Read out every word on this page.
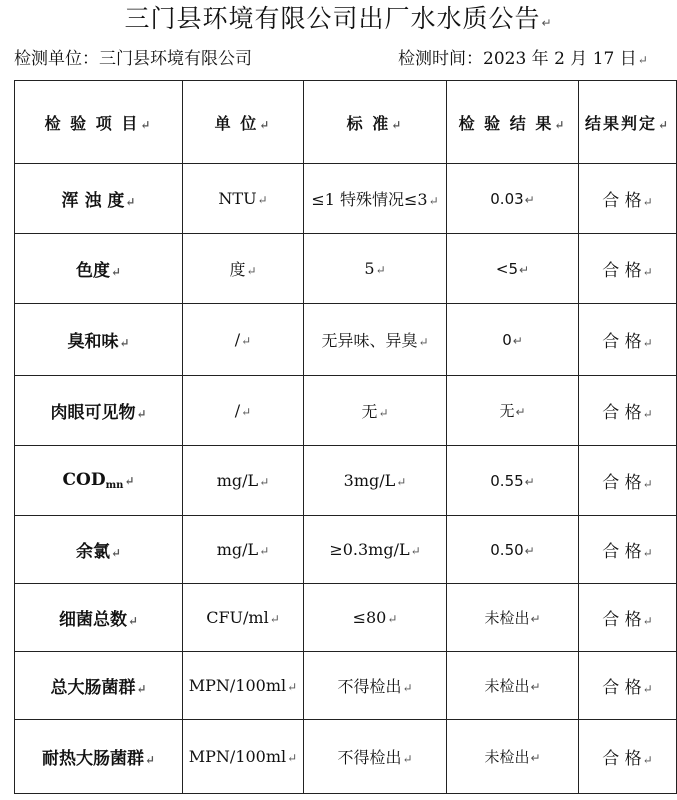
三门县环境有限公司出厂水水质公告↵
检测单位：三门县环境有限公司	检测时间：2023 年 2 月 17 日↵
检 验 项 目↵	单 位↵	标 准↵	检 验 结 果↵	结果判定↵
浑 浊 度↵	NTU↵	≤1 特殊情况≤3↵	0.03↵	合 格↵
色度↵	度↵	5↵	<5↵	合 格↵
臭和味↵	/↵	无异味、异臭↵	0↵	合 格↵
肉眼可见物↵	/↵	无↵	无↵	合 格↵
$COD_{mn}↵$	mg/L↵	3mg/L↵	0.55↵	合 格↵
余氯↵	mg/L↵	≥0.3mg/L↵	0.50↵	合 格↵
细菌总数↵	CFU/ml↵	≤80↵	未检出↵	合 格↵
总大肠菌群↵	MPN/100ml↵	不得检出↵	未检出↵	合 格↵
耐热大肠菌群↵	MPN/100ml↵	不得检出↵	未检出↵	合 格↵
